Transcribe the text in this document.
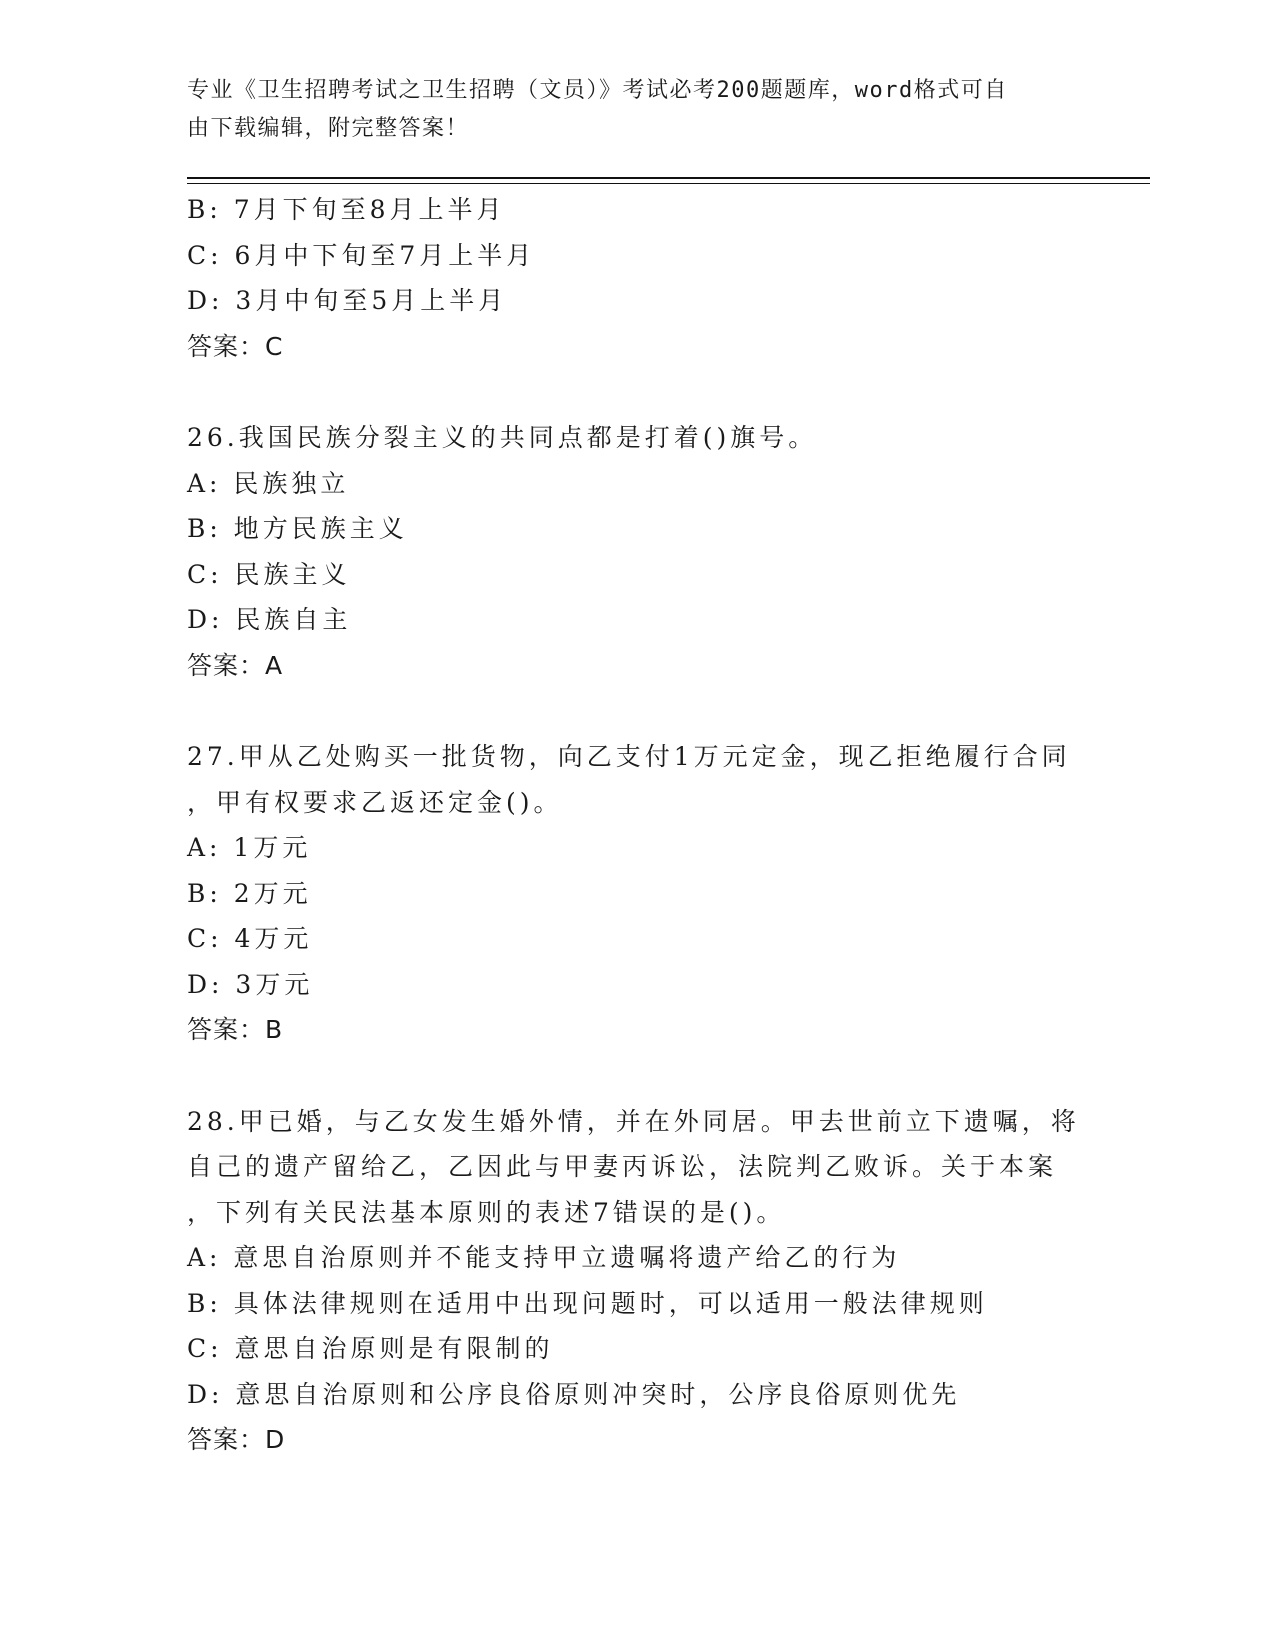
专业《卫生招聘考试之卫生招聘（文员）》考试必考200题题库，word格式可自
由下载编辑，附完整答案！
B: 7月下旬至8月上半月
C: 6月中下旬至7月上半月
D: 3月中旬至5月上半月
答案：C
26.我国民族分裂主义的共同点都是打着()旗号。
A: 民族独立
B: 地方民族主义
C: 民族主义
D: 民族自主
答案：A
27.甲从乙处购买一批货物，向乙支付1万元定金，现乙拒绝履行合同
，甲有权要求乙返还定金()。
A: 1万元
B: 2万元
C: 4万元
D: 3万元
答案：B
28.甲已婚，与乙女发生婚外情，并在外同居。甲去世前立下遗嘱，将
自己的遗产留给乙，乙因此与甲妻丙诉讼，法院判乙败诉。关于本案
，下列有关民法基本原则的表述7错误的是()。
A: 意思自治原则并不能支持甲立遗嘱将遗产给乙的行为
B: 具体法律规则在适用中出现问题时，可以适用一般法律规则
C: 意思自治原则是有限制的
D: 意思自治原则和公序良俗原则冲突时，公序良俗原则优先
答案：D
